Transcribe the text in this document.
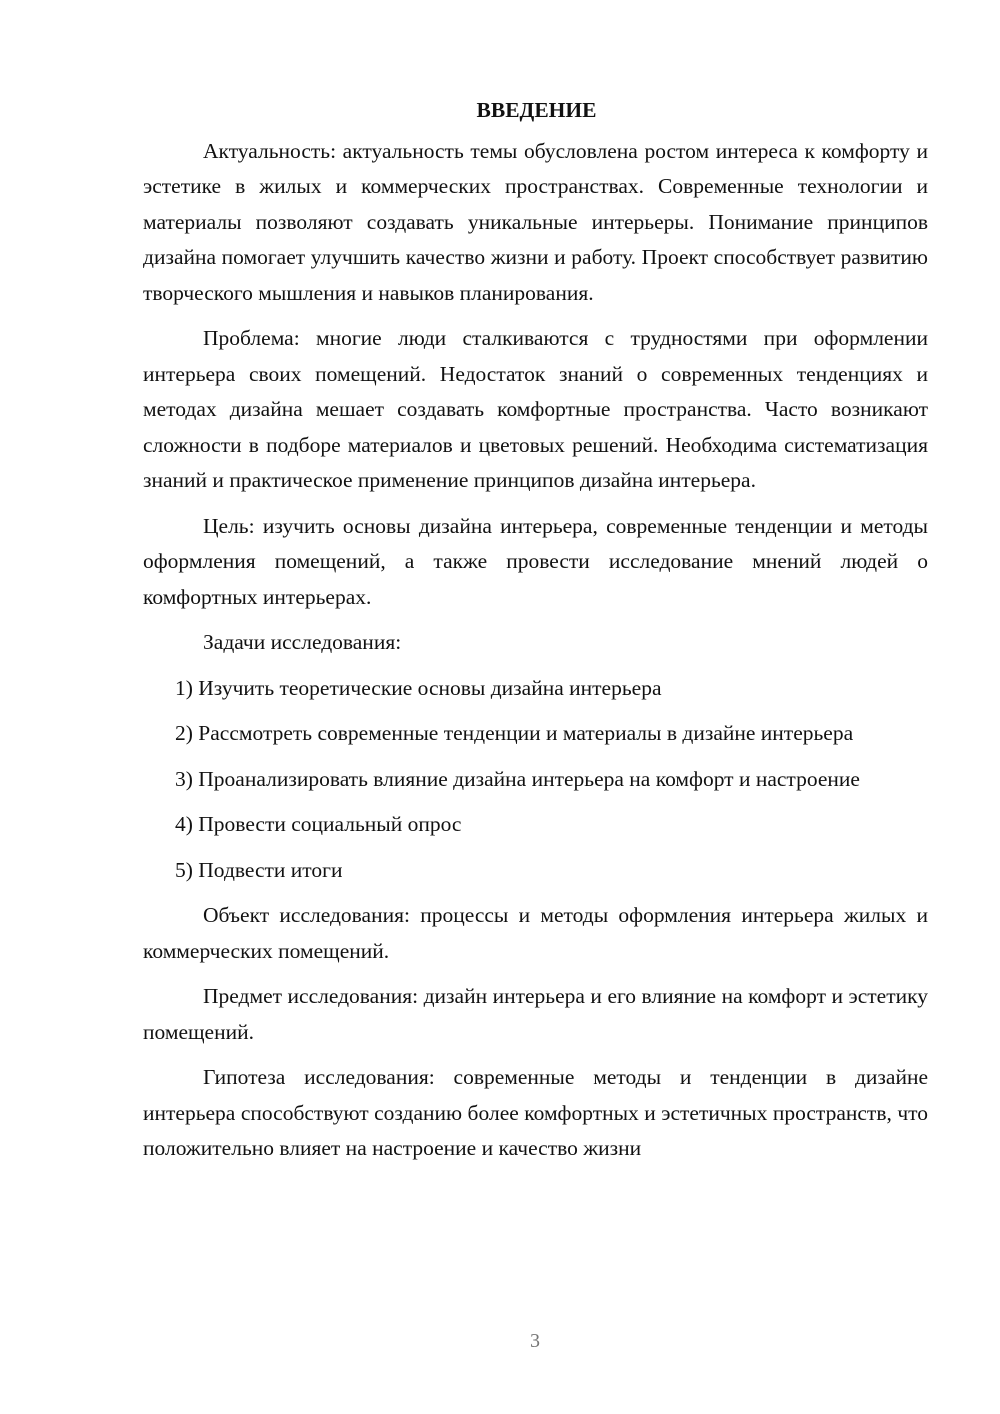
ВВЕДЕНИЕ

Актуальность: актуальность темы обусловлена ростом интереса к комфорту и эстетике в жилых и коммерческих пространствах. Современные технологии и материалы позволяют создавать уникальные интерьеры. Понимание принципов дизайна помогает улучшить качество жизни и работу. Проект способствует развитию творческого мышления и навыков планирования.

Проблема: многие люди сталкиваются с трудностями при оформлении интерьера своих помещений. Недостаток знаний о современных тенденциях и методах дизайна мешает создавать комфортные пространства. Часто возникают сложности в подборе материалов и цветовых решений. Необходима систематизация знаний и практическое применение принципов дизайна интерьера.

Цель: изучить основы дизайна интерьера, современные тенденции и методы оформления помещений, а также провести исследование мнений людей о комфортных интерьерах.

Задачи исследования:

1) Изучить теоретические основы дизайна интерьера

2) Рассмотреть современные тенденции и материалы в дизайне интерьера

3) Проанализировать влияние дизайна интерьера на комфорт и настроение

4) Провести социальный опрос

5) Подвести итоги

Объект исследования: процессы и методы оформления интерьера жилых и коммерческих помещений.

Предмет исследования: дизайн интерьера и его влияние на комфорт и эстетику помещений.

Гипотеза исследования: современные методы и тенденции в дизайне интерьера способствуют созданию более комфортных и эстетичных пространств, что положительно влияет на настроение и качество жизни

3
